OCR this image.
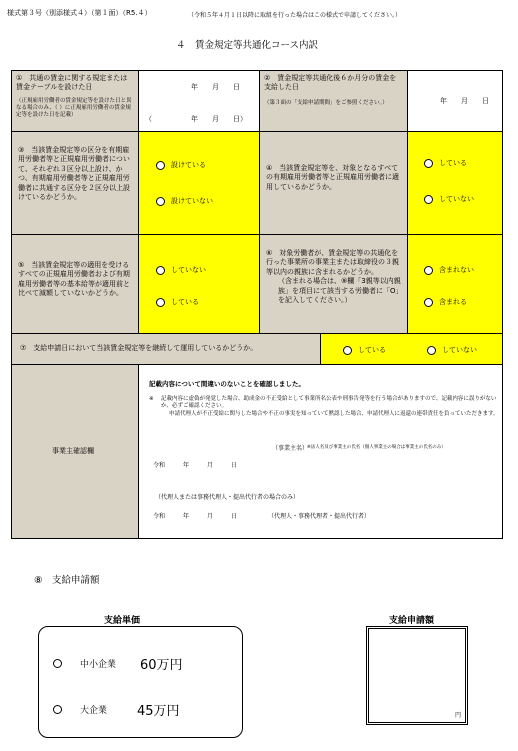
様式第３号（別添様式４）（第１面）（R5.４）	（令和５年４月１日以降に取組を行った場合はこの様式で申請してください。）
４　賃金規定等共通化コース内訳
①　共通の賃金に関する規定または賃金テーブルを設けた日
（正規雇用労働者の賃金規定等を設けた日と異なる場合のみ、（ ）に正規雇用労働者の賃金規定等を設けた日を記載）
年　　月　　日
（	年　　月　　日）
②　賃金規定等共通化後６か月分の賃金を支給した日
（第３面の「支給申請期間」をご参照ください。）	年　　月　　日
③　当該賃金規定等の区分を有期雇用労働者等と正規雇用労働者について、それぞれ３区分以上設け、かつ、有期雇用労働者等と正規雇用労働者に共通する区分を２区分以上設けているかどうか。
設けている
設けていない
④　当該賃金規定等を、対象となるすべての有期雇用労働者等と正規雇用労働者に適用しているかどうか。
している
していない
⑤　当該賃金規定等の適用を受けるすべての正規雇用労働者および有期雇用労働者等の基本給等が適用前と比べて減額していないかどうか。
していない
している
⑥　対象労働者が、賃金規定等の共通化を行った事業所の事業主または取締役の３親等以内の親族に含まれるかどうか。
（含まれる場合は、⑨欄「3親等以内親族」を項目にて該当する労働者に「O」を記入してください。）
含まれない
含まれる
⑦　支給申請日において当該賃金規定等を継続して運用しているかどうか。	している	していない
事業主確認欄
記載内容について間違いのないことを確認しました。
※ 記載内容に虚偽が発覚した場合、助成金の不正受給として事業所名公表や刑事告発等を行う場合がありますので、記載内容に誤りがないか、必ずご確認ください。
申請代理人が不正受給に関与した場合や不正の事実を知っていて黙認した場合、申請代理人に返還の連帯責任を負っていただきます。
（事業主名）
※法人名及び事業主の氏名（個人事業主の場合は事業主の氏名のみ）
令和　　　年　　　月　　　日
（代理人または事務代理人・提出代行者の場合のみ）
令和　　　年　　　月　　　日	（代理人・事務代理者・提出代行者）
⑧　支給申請額
支給単価
中小企業 60万円
大企業 45万円
支給申請額
円
